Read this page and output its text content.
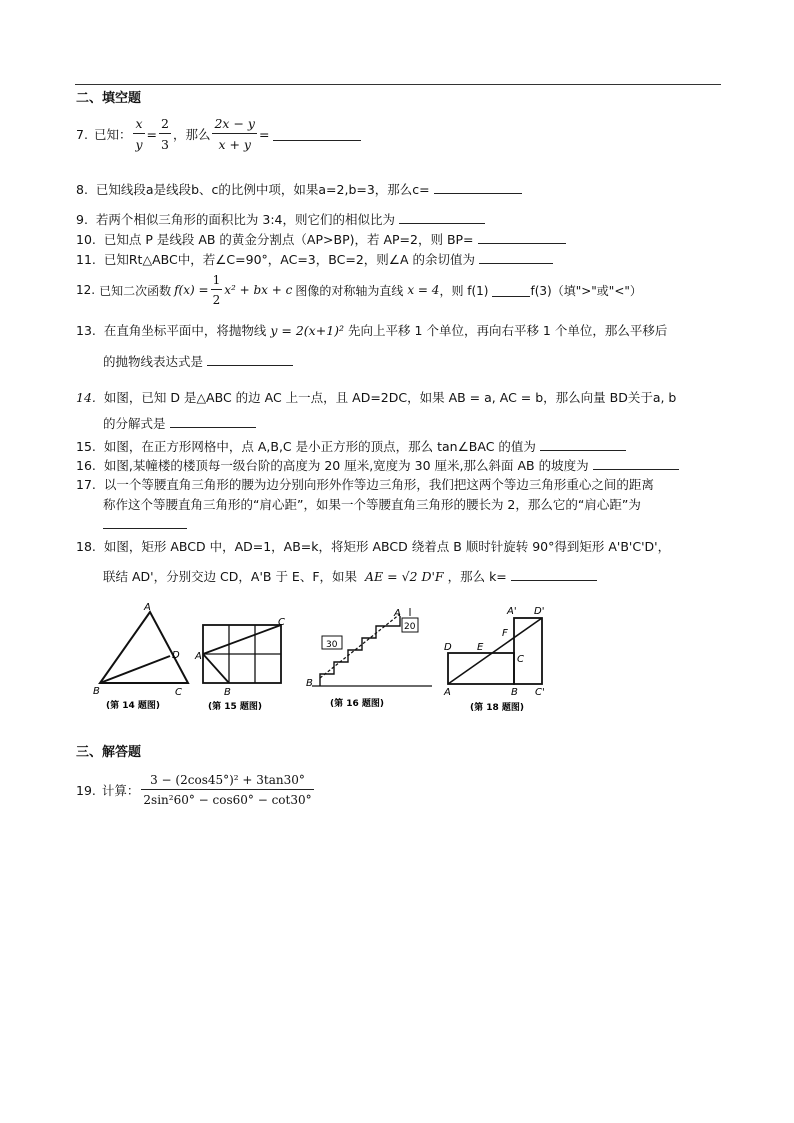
二、填空题
7. 已知： $\frac{x}{y} = \frac{2}{3}$ ，那么 $\frac{2x - y}{x + y}$ =
8. 已知线段a是线段b、c的比例中项，如果a=2,b=3，那么c=
9. 若两个相似三角形的面积比为 3:4，则它们的相似比为
10. 已知点 P 是线段 AB 的黄金分割点（AP>BP)，若 AP=2，则 BP=
11. 已知Rt△ABC中，若∠C=90°，AC=3，BC=2，则∠A 的余切值为
12. 已知二次函数 $f(x) = \frac{1}{2} x^2$ + bx + c 图像的对称轴为直线 x = 4 ，则 f(1)	f(3)（填">"或"<"）
13. 在直角坐标平面中，将抛物线 y = 2(x+1)² 先向上平移 1 个单位，再向右平移 1 个单位，那么平移后
的抛物线表达式是
14. 如图，已知 D 是△ABC 的边 AC 上一点，且 AD=2DC，如果 AB = a, AC = b，那么向量 BD关于a, b
的分解式是
15. 如图，在正方形网格中，点 A,B,C 是小正方形的顶点，那么 tan∠BAC 的值为
16. 如图,某幢楼的楼顶每一级台阶的高度为 20 厘米,宽度为 30 厘米,那么斜面 AB 的坡度为
17. 以一个等腰直角三角形的腰为边分别向形外作等边三角形，我们把这两个等边三角形重心之间的距离
称作这个等腰直角三角形的“肩心距”，如果一个等腰直角三角形的腰长为 2，那么它的“肩心距”为
18. 如图，矩形 ABCD 中，AD=1，AB=k，将矩形 ABCD 绕着点 B 顺时针旋转 90°得到矩形 A'B'C'D'，
联结 AD'，分别交边 CD，A'B 于 E、F，如果 AE = √2 D'F ，那么 k=
A
B	C
D
(第 14 题图)
C
A
B
(第 15 题图)
30
20
A
B
(第 16 题图)
A' D'
D	E
F
C
A	B C'
(第 18 题图)
三、解答题
19. 计算： $\frac{\text{3 − (2cos45°)² + 3tan30°}}{\text{2sin²60° − cos60° − cot30°}}$
